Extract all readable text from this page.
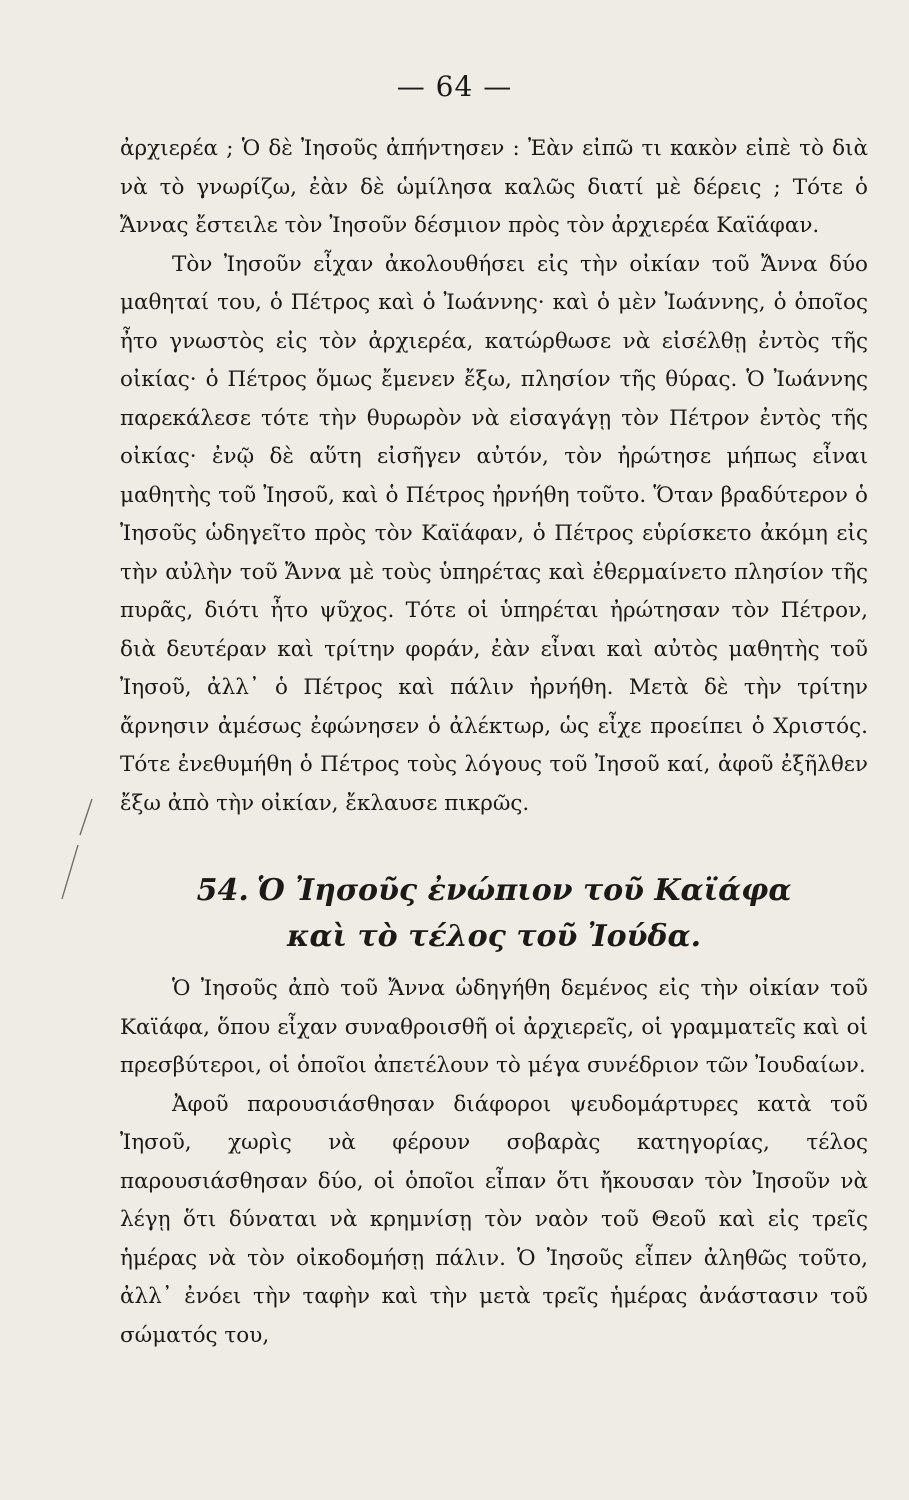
— 64 —

ἀρχιερέα ; Ὁ δὲ Ἰησοῦς ἀπήντησεν : Ἐὰν εἰπῶ τι κακὸν εἰπὲ τὸ διὰ νὰ τὸ γνωρίζω, ἐὰν δὲ ὡμίλησα καλῶς διατί μὲ δέρεις ; Τότε ὁ Ἄννας ἔστειλε τὸν Ἰησοῦν δέσμιον πρὸς τὸν ἀρχιερέα Καϊάφαν.

Τὸν Ἰησοῦν εἶχαν ἀκολουθήσει εἰς τὴν οἰκίαν τοῦ Ἄννα δύο μαθηταί του, ὁ Πέτρος καὶ ὁ Ἰωάννης· καὶ ὁ μὲν Ἰωάννης, ὁ ὁποῖος ἦτο γνωστὸς εἰς τὸν ἀρχιερέα, κατώρθωσε νὰ εἰσέλθῃ ἐντὸς τῆς οἰκίας· ὁ Πέτρος ὅμως ἔμενεν ἔξω, πλησίον τῆς θύρας. Ὁ Ἰωάννης παρεκάλεσε τότε τὴν θυρωρὸν νὰ εἰσαγάγῃ τὸν Πέτρον ἐντὸς τῆς οἰκίας· ἐνῷ δὲ αὕτη εἰσῆγεν αὐτόν, τὸν ἠρώτησε μήπως εἶναι μαθητὴς τοῦ Ἰησοῦ, καὶ ὁ Πέτρος ἠρνήθη τοῦτο. Ὅταν βραδύτερον ὁ Ἰησοῦς ὡδηγεῖτο πρὸς τὸν Καϊάφαν, ὁ Πέτρος εὑρίσκετο ἀκόμη εἰς τὴν αὐλὴν τοῦ Ἄννα μὲ τοὺς ὑπηρέτας καὶ ἐθερμαίνετο πλησίον τῆς πυρᾶς, διότι ἦτο ψῦχος. Τότε οἱ ὑπηρέται ἠρώτησαν τὸν Πέτρον, διὰ δευτέραν καὶ τρίτην φοράν, ἐὰν εἶναι καὶ αὐτὸς μαθητὴς τοῦ Ἰησοῦ, ἀλλ᾽ ὁ Πέτρος καὶ πάλιν ἠρνήθη. Μετὰ δὲ τὴν τρίτην ἄρνησιν ἀμέσως ἐφώνησεν ὁ ἀλέκτωρ, ὡς εἶχε προείπει ὁ Χριστός. Τότε ἐνεθυμήθη ὁ Πέτρος τοὺς λόγους τοῦ Ἰησοῦ καί, ἀφοῦ ἐξῆλθεν ἔξω ἀπὸ τὴν οἰκίαν, ἔκλαυσε πικρῶς.

54. Ὁ Ἰησοῦς ἐνώπιον τοῦ Καϊάφα
καὶ τὸ τέλος τοῦ Ἰούδα.

Ὁ Ἰησοῦς ἀπὸ τοῦ Ἄννα ὡδηγήθη δεμένος εἰς τὴν οἰκίαν τοῦ Καϊάφα, ὅπου εἶχαν συναθροισθῆ οἱ ἀρχιερεῖς, οἱ γραμματεῖς καὶ οἱ πρεσβύτεροι, οἱ ὁποῖοι ἀπετέλουν τὸ μέγα συνέδριον τῶν Ἰουδαίων.

Ἀφοῦ παρουσιάσθησαν διάφοροι ψευδομάρτυρες κατὰ τοῦ Ἰησοῦ, χωρὶς νὰ φέρουν σοβαρὰς κατηγορίας, τέλος παρουσιάσθησαν δύο, οἱ ὁποῖοι εἶπαν ὅτι ἤκουσαν τὸν Ἰησοῦν νὰ λέγῃ ὅτι δύναται νὰ κρημνίσῃ τὸν ναὸν τοῦ Θεοῦ καὶ εἰς τρεῖς ἡμέρας νὰ τὸν οἰκοδομήσῃ πάλιν. Ὁ Ἰησοῦς εἶπεν ἀληθῶς τοῦτο, ἀλλ᾽ ἐνόει τὴν ταφὴν καὶ τὴν μετὰ τρεῖς ἡμέρας ἀνάστασιν τοῦ σώματός του,
